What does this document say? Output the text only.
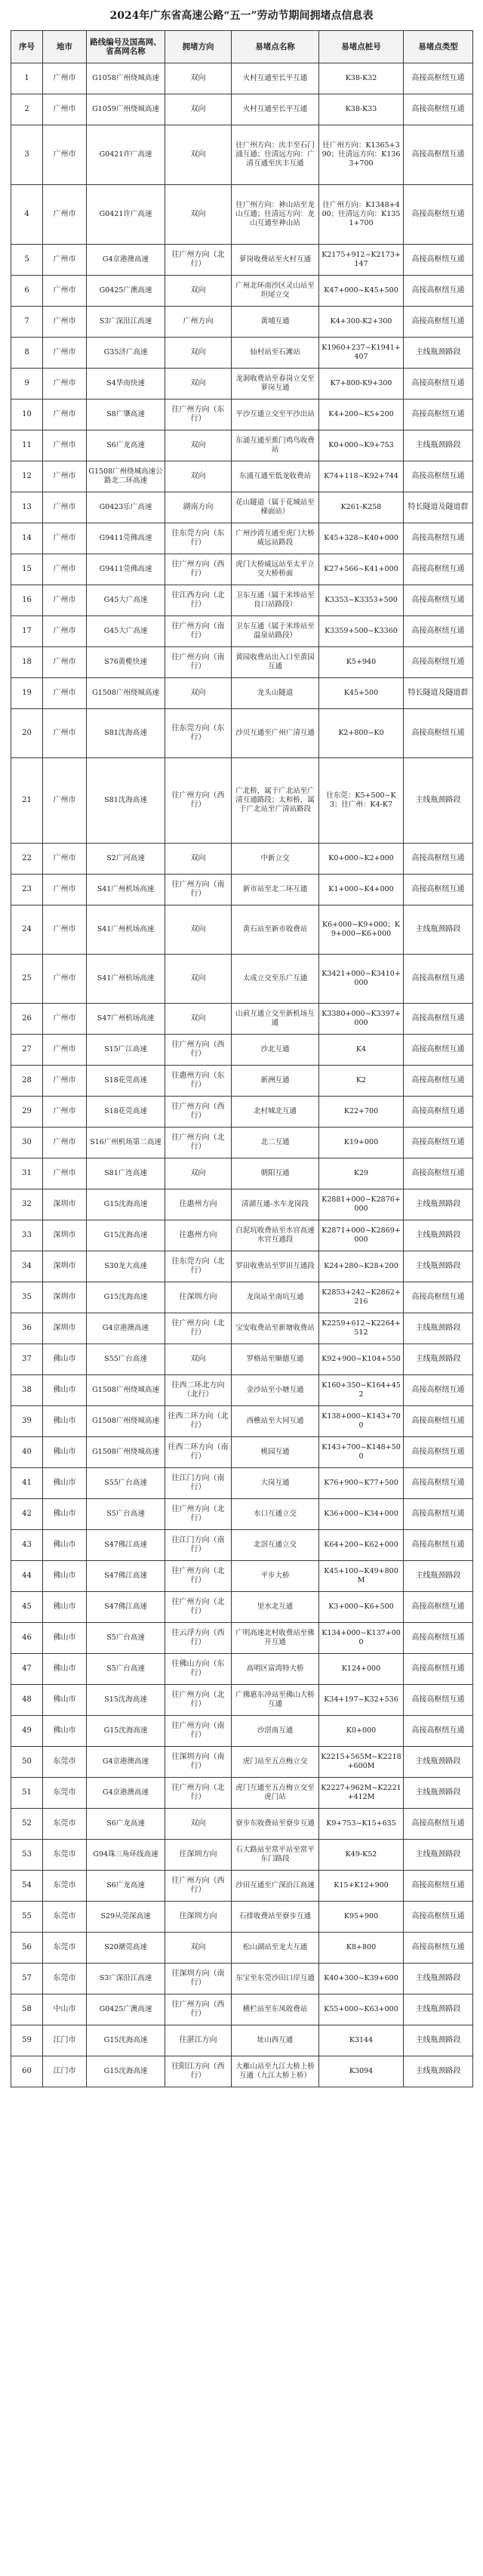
2024年广东省高速公路“五一”劳动节期间拥堵点信息表
序号	地市	路线编号及国高网、省高网名称	拥堵方向	易堵点名称	易堵点桩号	易堵点类型
1	广州市	G1058广州绕城高速	双向	火村互通至长平互通	K38-K32	高接高枢纽互通
2	广州市	G1059广州绕城高速	双向	火村互通至长平互通	K38-K33	高接高枢纽互通
3	广州市	G0421许广高速	双向	往广州方向：庆丰至石门涌互通；往清远方向：广清互通至庆丰互通	往广州方向：K1365+390；往清远方向：K1363+700	高接高枢纽互通
4	广州市	G0421许广高速	双向	往广州方向：神山站至龙山互通；往清远方向：龙山互通至神山站	往广州方向：K1348+400；往清远方向：K1351+700	高接高枢纽互通
5	广州市	G4京港澳高速	往广州方向（北行）	萝岗收费站至火村互通	K2175+912~K2173+147	高接高枢纽互通
6	广州市	G0425广澳高速	双向	广州北环南沙区灵山站至坦尾立交	K47+000~K45+500	高接高枢纽互通
7	广州市	S3广深沿江高速	广州方向	黄埔互通	K4+300-K2+300	高接高枢纽互通
8	广州市	G35济广高速	双向	仙村站至石滩站	K1960+237~K1941+407	主线瓶颈路段
9	广州市	S4华南快速	双向	龙洞收费站至春岗立交至萝岗互通	K7+800-K9+300	高接高枢纽互通
10	广州市	S8广肇高速	往广州方向（东行）	平沙互通立交至平沙出站	K4+200~K5+200	高接高枢纽互通
11	广州市	S6广龙高速	双向	东涌互通至蕉门鸡鸟收费站	K0+000~K9+753	主线瓶颈路段
12	广州市	G1508广州绕城高速公路北二环高速	双向	东涌互通至低龙收费站	K74+118~K92+744	高接高枢纽互通
13	广州市	G0423乐广高速	湖南方向	花山隧道（属于花城站至梯面站）	K261-K258	特长隧道及隧道群
14	广州市	G9411莞佛高速	往东莞方向（东行）	广州沙湾互通至虎门大桥威远站路段	K45+328~K40+000	高接高枢纽互通
15	广州市	G9411莞佛高速	往广州方向（西行）	虎门大桥威远站至太平立交大桥桥面	K27+566~K41+000	高接高枢纽互通
16	广州市	G45大广高速	往江西方向（北行）	卫东互通（属于米埗站至良口站路段）	K3353~K3353+500	高接高枢纽互通
17	广州市	G45大广高速	往广州方向（南行）	卫东互通（属于米埗站至温泉站路段）	K3359+500~K3360	高接高枢纽互通
18	广州市	S76黄榄快速	往广州方向（南行）	黄园收费站出入口至黄园互通	K5+940	高接高枢纽互通
19	广州市	G1508广州绕城高速	双向	龙头山隧道	K45+500	特长隧道及隧道群
20	广州市	S81沈海高速	往东莞方向（东行）	沙贝互通至广州广清互通	K2+800~K0	高接高枢纽互通
21	广州市	S81沈海高速	往广州方向（西行）	广北桥，属于广北站至广清互通路段；太和桥，属于广北站至广清站路段	往东莞：K5+500~K3；往广州：K4-K7	主线瓶颈路段
22	广州市	S2广河高速	双向	中新立交	K0+000~K2+000	高接高枢纽互通
23	广州市	S41广州机场高速	往广州方向（南行）	新市站至北二环互通	K1+000~K4+000	高接高枢纽互通
24	广州市	S41广州机场高速	双向	黄石站至新市收费站	K6+000~K9+000；K9+000~K6+000	主线瓶颈路段
25	广州市	S41广州机场高速	双向	太成立交至乐广互通	K3421+000~K3410+000	高接高枢纽互通
26	广州市	S47广州机场高速	双向	山前互通立交至新机场互通	K3380+000~K3397+000	高接高枢纽互通
27	广州市	S15广江高速	往广州方向（西行）	沙北互通	K4	高接高枢纽互通
28	广州市	S18花莞高速	往惠州方向（东行）	新洲互通	K2	高接高枢纽互通
29	广州市	S18花莞高速	往广州方向（西行）	北村城北互通	K22+700	高接高枢纽互通
30	广州市	S16广州机场第二高速	往广州方向（北行）	北二互通	K19+000	高接高枢纽互通
31	广州市	S81广连高速	双向	朝阳互通	K29	高接高枢纽互通
32	深圳市	G15沈海高速	往惠州方向	清湖互通-水车龙岗段	K2881+000~K2876+000	主线瓶颈路段
33	深圳市	G15沈海高速	往惠州方向	白泥坑收费站至水官高速水官互通段	K2871+000~K2869+000	主线瓶颈路段
34	深圳市	S30龙大高速	往东莞方向（北行）	罗田收费站至罗田互通段	K24+280~K28+200	主线瓶颈路段
35	深圳市	G15沈海高速	往深圳方向	龙岗站至南坑互通	K2853+242~K2862+216	高接高枢纽互通
36	深圳市	G4京港澳高速	往广州方向（北行）	宝安收费站至新塘收费站	K2259+612~K2264+512	主线瓶颈路段
37	佛山市	S55广台高速	双向	罗格站至顺德互通	K92+900~K104+550	主线瓶颈路段
38	佛山市	G1508广州绕城高速	往西二环北方向（北行）	金沙站至小塘互通	K160+350~K164+452	高接高枢纽互通
39	佛山市	G1508广州绕城高速	往西二环方向（北行）	西樵站至大同互通	K138+000~K143+700	高接高枢纽互通
40	佛山市	G1508广州绕城高速	往西二环方向（南行）	桃园互通	K143+700~K148+500	高接高枢纽互通
41	佛山市	S55广台高速	往江门方向（南行）	大岗互通	K76+900~K77+500	高接高枢纽互通
42	佛山市	S5广台高速	往广州方向（北行）	水口互通立交	K36+000~K34+000	高接高枢纽互通
43	佛山市	S47佛江高速	往江门方向（南行）	北滘互通立交	K64+200~K62+000	高接高枢纽互通
44	佛山市	S47佛江高速	往广州方向（北行）	平步大桥	K45+100~K49+800M	主线瓶颈路段
45	佛山市	S47佛江高速	往广州方向（北行）	里水北互通	K3+000~K6+500	高接高枢纽互通
46	佛山市	S5广台高速	往云浮方向（西行）	广明高速北村收费站至佛开互通	K134+000~K137+000	高接高枢纽互通
47	佛山市	S5广台高速	往佛山方向（东行）	高明区富湾特大桥	K124+000	高接高枢纽互通
48	佛山市	S15沈海高速	往广州方向（北行）	广佛惠东冲站至佛山大桥互通	K34+197~K32+536	高接高枢纽互通
49	佛山市	G15沈海高速	往广州方向（南行）	沙滘南互通	K0+000	高接高枢纽互通
50	东莞市	G4京港澳高速	往深圳方向（南行）	虎门站至五点梅立交	K2215+565M~K2218+600M	主线瓶颈路段
51	东莞市	G4京港澳高速	往广州方向（北行）	虎门互通至五点梅立交至虎门站	K2227+962M~K2221+412M	主线瓶颈路段
52	东莞市	S6广龙高速	双向	寮步东收费站至寮步互通	K9+753~K15+635	高接高枢纽互通
53	东莞市	G94珠三角环线高速	往深圳方向	石大路站至常平站至常平东门路段	K49-K52	主线瓶颈路段
54	东莞市	S6广龙高速	往广州方向（西行）	沙田互通至广深沿江高速	K15+K12+900	高接高枢纽互通
55	东莞市	S29从莞深高速	往深圳方向	石排收费站至寮步互通	K95+900	高接高枢纽互通
56	东莞市	S20潮莞高速	双向	松山湖站至龙大互通	K8+800	高接高枢纽互通
57	东莞市	S3广深沿江高速	往深圳方向（南行）	东宝至东莞沙田口岸互通	K40+300~K39+600	主线瓶颈路段
58	中山市	G0425广澳高速	往广州方向（西行）	横栏站至东凤收费站	K55+000~K63+000	主线瓶颈路段
59	江门市	G15沈海高速	往湛江方向	址山西互通	K3144	主线瓶颈路段
60	江门市	G15沈海高速	往阳江方向（西行）	大雁山站至九江大桥上桥互通（九江大桥上桥）	K3094	主线瓶颈路段
